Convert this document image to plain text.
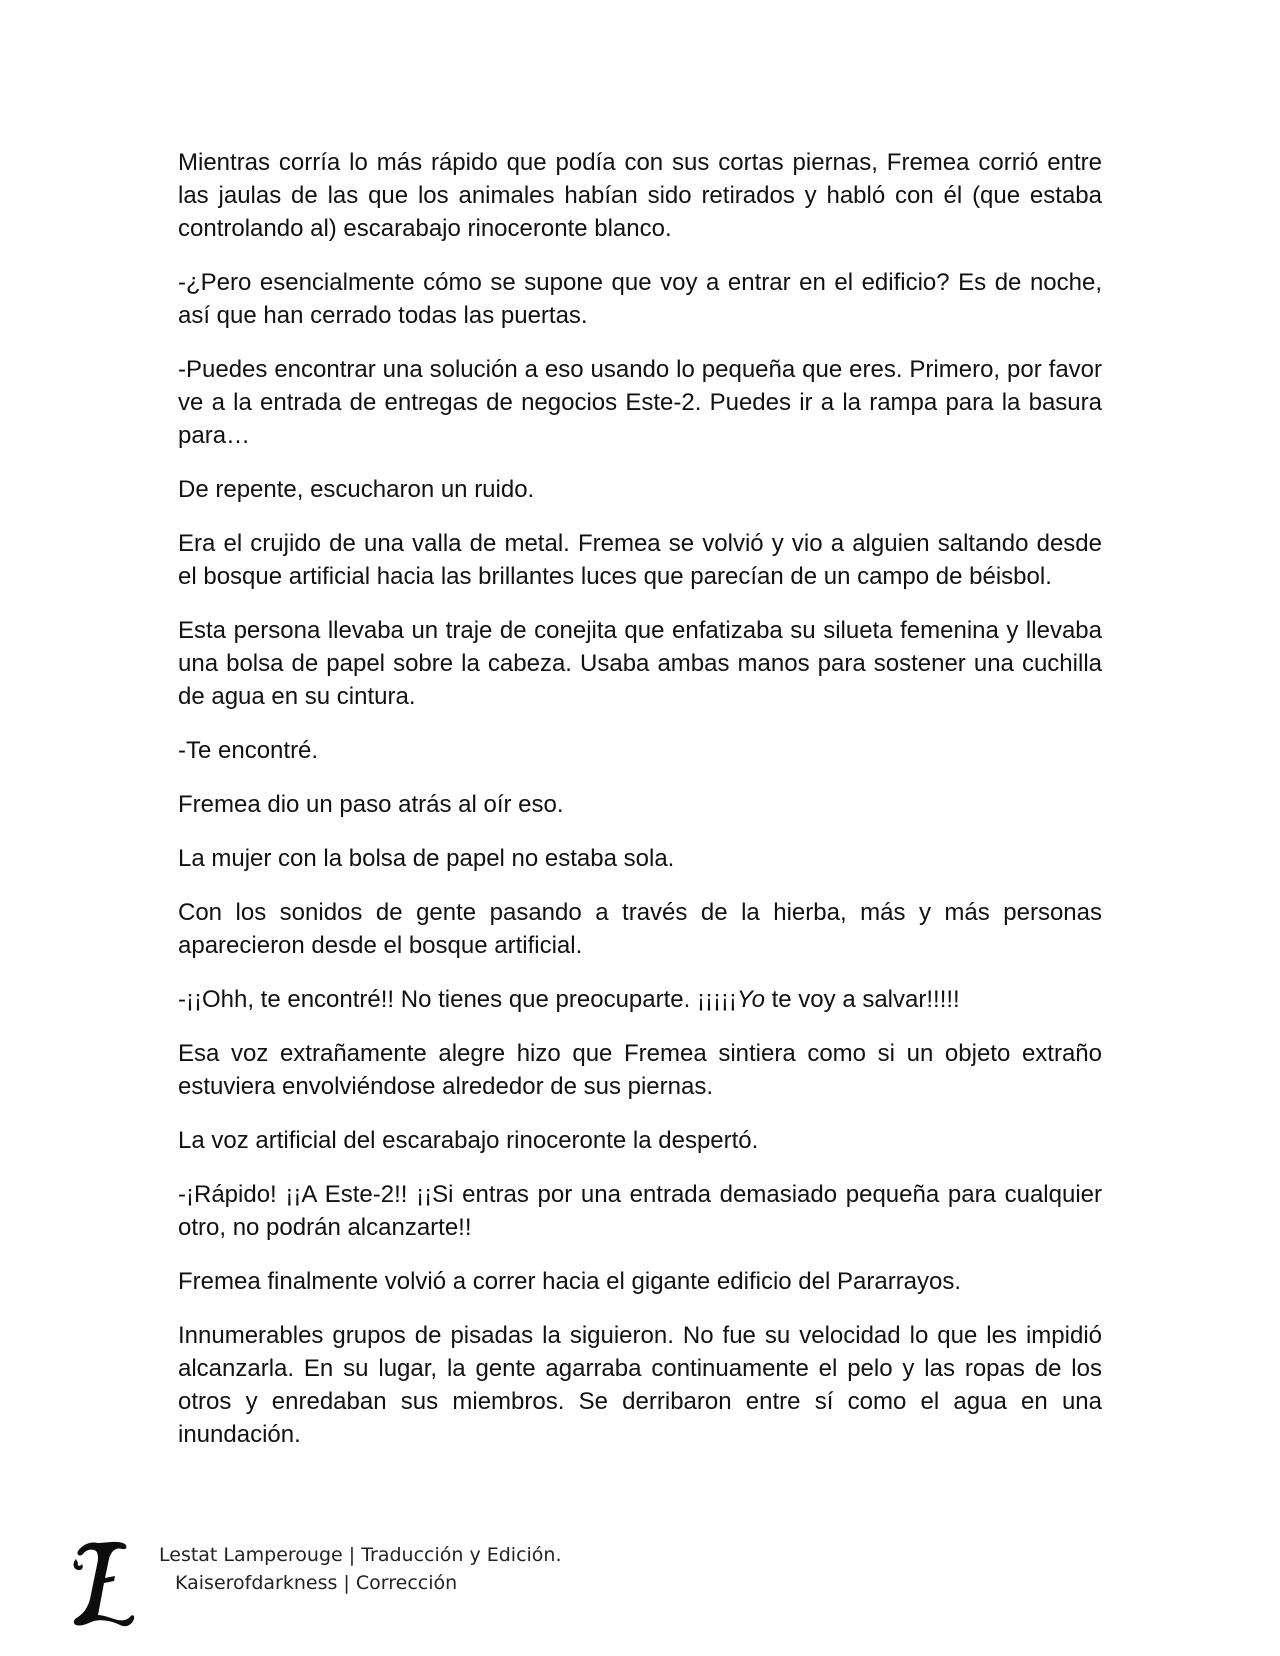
Mientras corría lo más rápido que podía con sus cortas piernas, Fremea corrió entre las jaulas de las que los animales habían sido retirados y habló con él (que estaba controlando al) escarabajo rinoceronte blanco.

-¿Pero esencialmente cómo se supone que voy a entrar en el edificio? Es de noche, así que han cerrado todas las puertas.

-Puedes encontrar una solución a eso usando lo pequeña que eres. Primero, por favor ve a la entrada de entregas de negocios Este-2. Puedes ir a la rampa para la basura para…

De repente, escucharon un ruido.

Era el crujido de una valla de metal. Fremea se volvió y vio a alguien saltando desde el bosque artificial hacia las brillantes luces que parecían de un campo de béisbol.

Esta persona llevaba un traje de conejita que enfatizaba su silueta femenina y llevaba una bolsa de papel sobre la cabeza. Usaba ambas manos para sostener una cuchilla de agua en su cintura.

-Te encontré.

Fremea dio un paso atrás al oír eso.

La mujer con la bolsa de papel no estaba sola.

Con los sonidos de gente pasando a través de la hierba, más y más personas aparecieron desde el bosque artificial.

-¡¡Ohh, te encontré!! No tienes que preocuparte. ¡¡¡¡¡Yo te voy a salvar!!!!!

Esa voz extrañamente alegre hizo que Fremea sintiera como si un objeto extraño estuviera envolviéndose alrededor de sus piernas.

La voz artificial del escarabajo rinoceronte la despertó.

-¡Rápido! ¡¡A Este-2!! ¡¡Si entras por una entrada demasiado pequeña para cualquier otro, no podrán alcanzarte!!

Fremea finalmente volvió a correr hacia el gigante edificio del Pararrayos.

Innumerables grupos de pisadas la siguieron. No fue su velocidad lo que les impidió alcanzarla. En su lugar, la gente agarraba continuamente el pelo y las ropas de los otros y enredaban sus miembros. Se derribaron entre sí como el agua en una inundación.

Lestat Lamperouge | Traducción y Edición.
Kaiserofdarkness | Corrección
